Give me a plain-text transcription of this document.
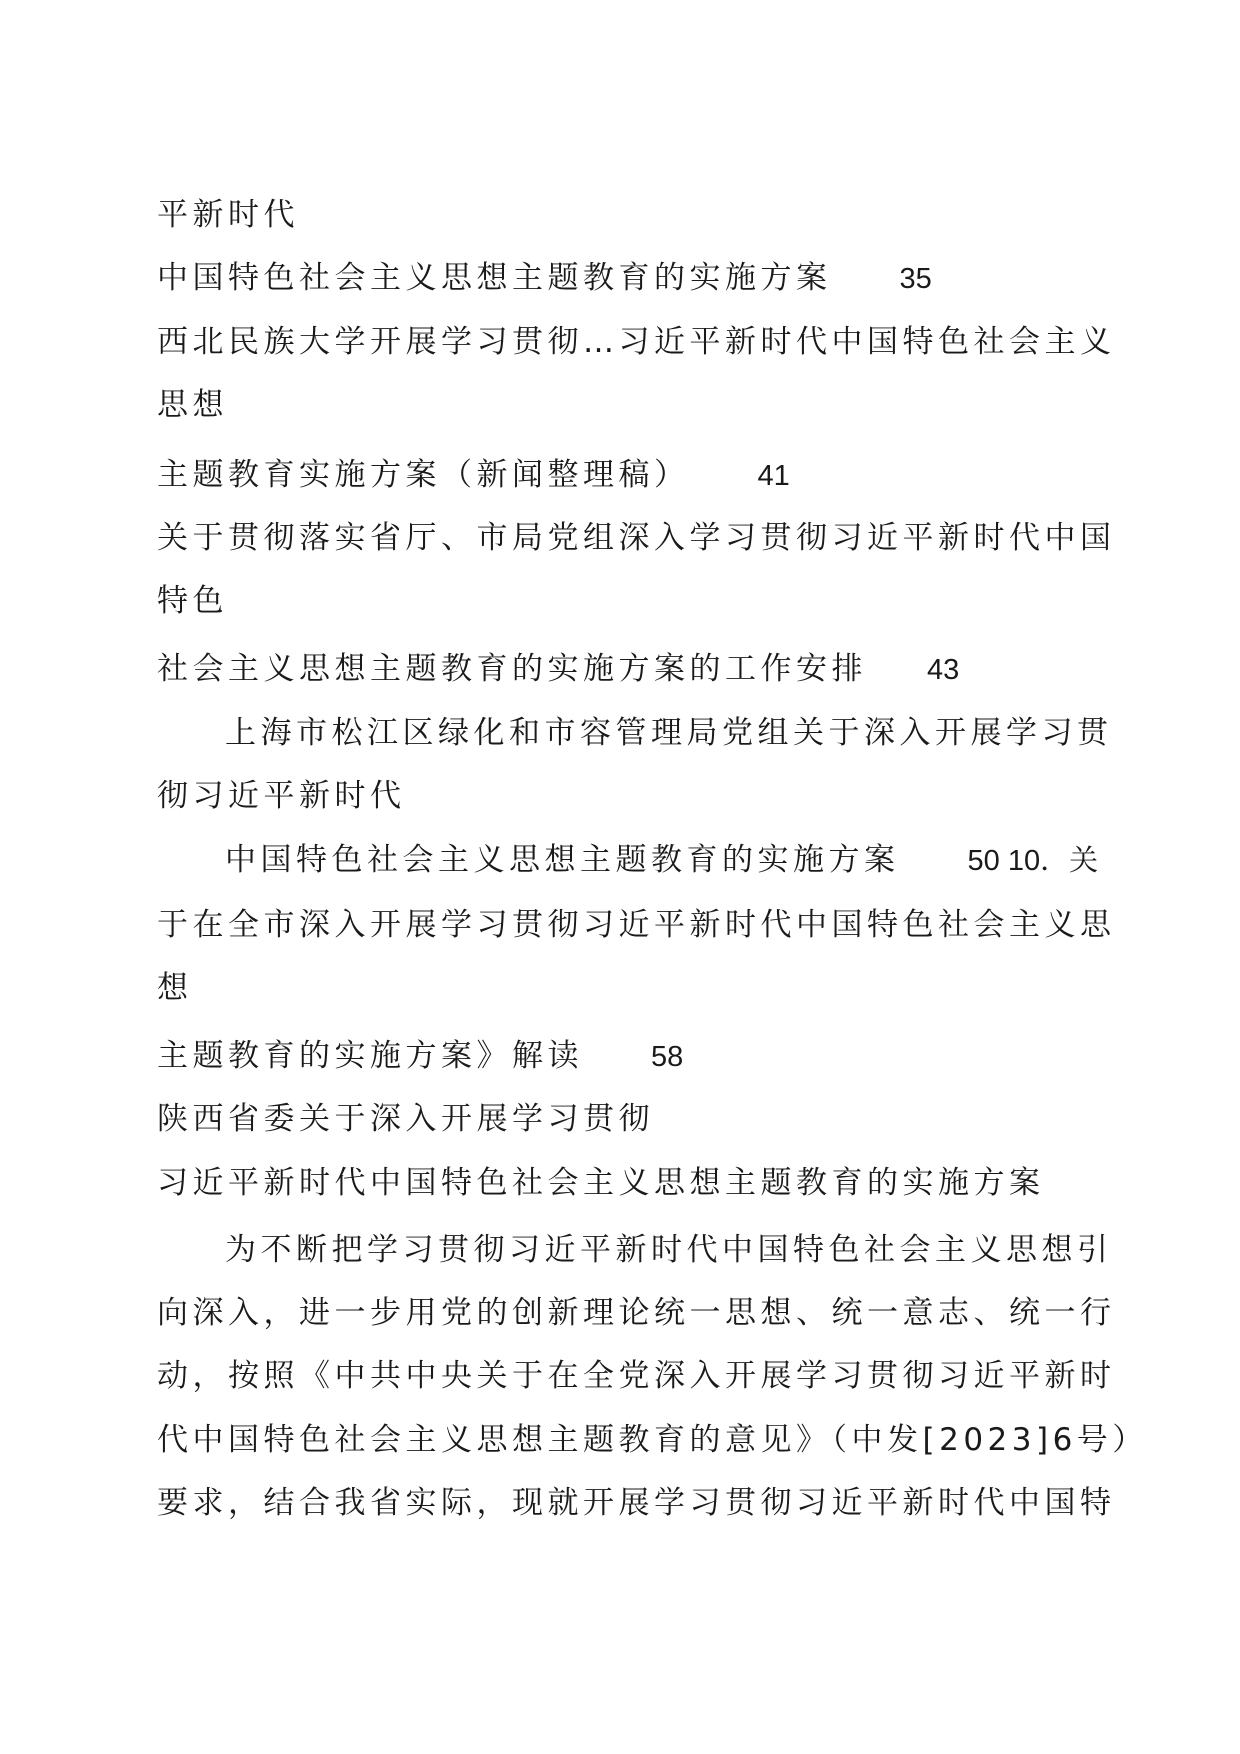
平新时代
中国特色社会主义思想主题教育的实施方案 35
西北民族大学开展学习贯彻…习近平新时代中国特色社会主义
思想
主题教育实施方案（新闻整理稿） 41
关于贯彻落实省厅、市局党组深入学习贯彻习近平新时代中国
特色
社会主义思想主题教育的实施方案的工作安排 43
上海市松江区绿化和市容管理局党组关于深入开展学习贯
彻习近平新时代
中国特色社会主义思想主题教育的实施方案 50 10．关
于在全市深入开展学习贯彻习近平新时代中国特色社会主义思
想
主题教育的实施方案》解读 58
陕西省委关于深入开展学习贯彻
习近平新时代中国特色社会主义思想主题教育的实施方案
为不断把学习贯彻习近平新时代中国特色社会主义思想引
向深入，进一步用党的创新理论统一思想、统一意志、统一行
动，按照《中共中央关于在全党深入开展学习贯彻习近平新时
代中国特色社会主义思想主题教育的意见》（中发[2023]6号）
要求，结合我省实际，现就开展学习贯彻习近平新时代中国特
